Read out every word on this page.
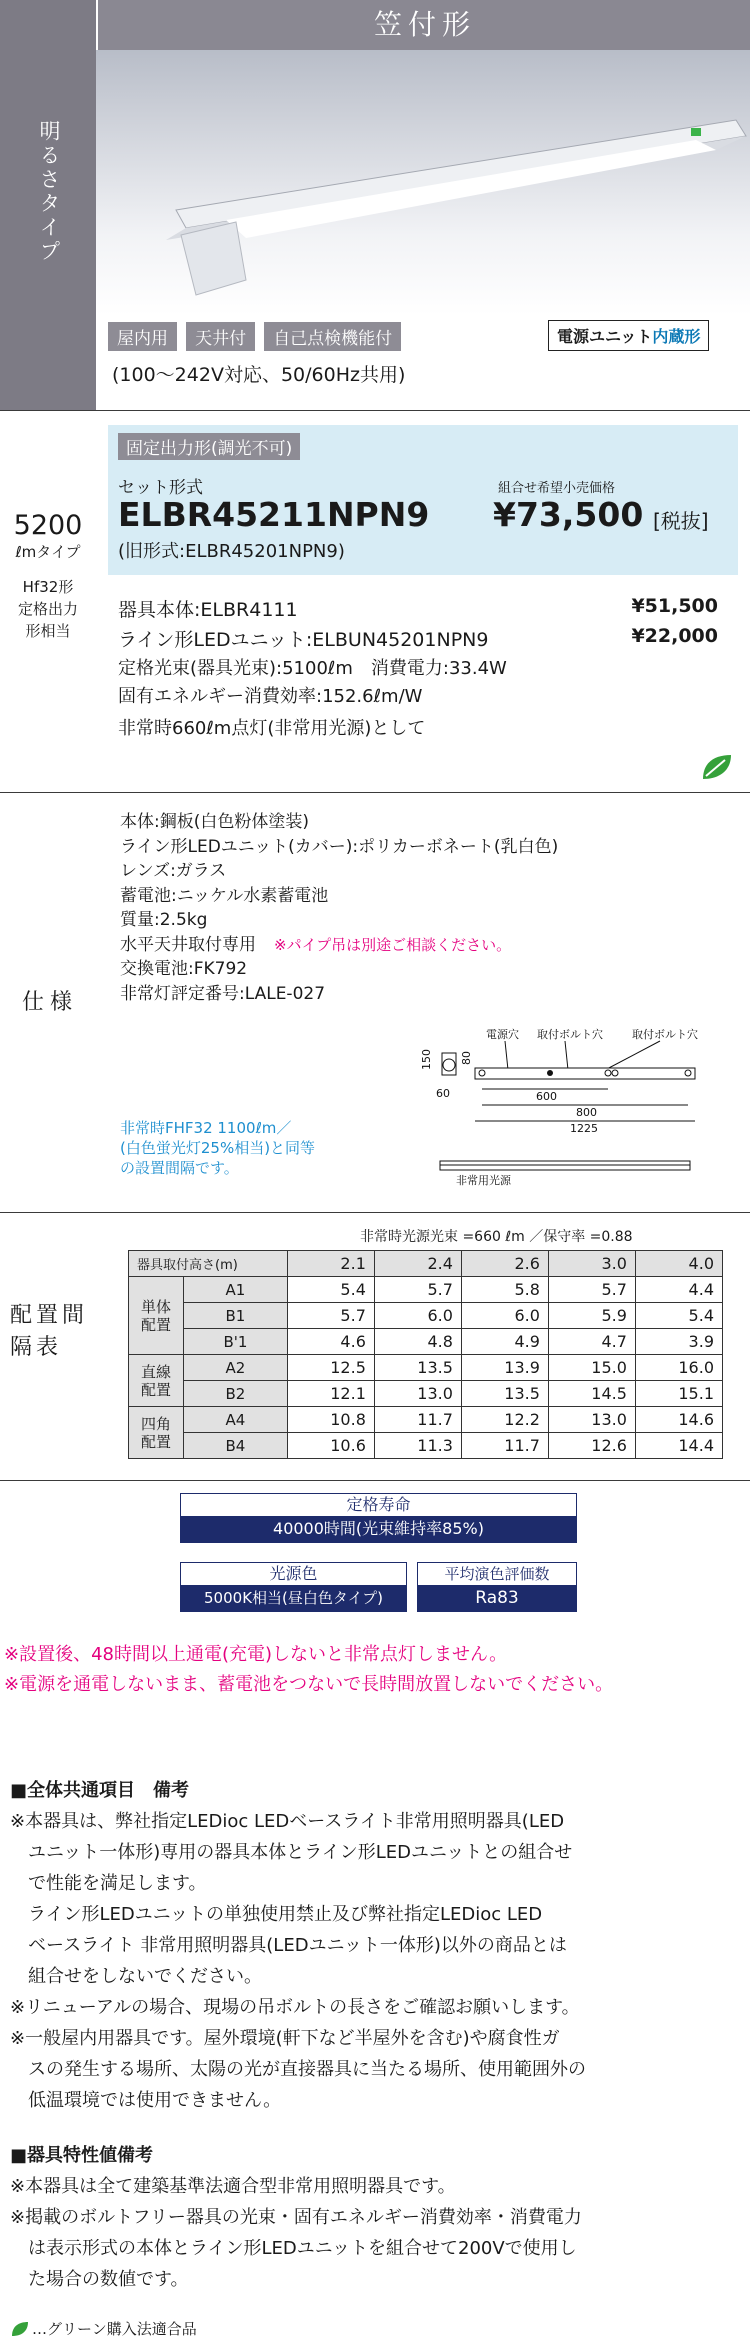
明るさタイプ
笠付形
屋内用 天井付 自己点検機能付	電源ユニット内蔵形
(100〜242V対応、50/60Hz共用)
5200
ℓmタイプ
Hf32形
定格出力
形相当
固定出力形(調光不可)
セット形式	組合せ希望小売価格
ELBR45211NPN9 ¥73,500 [税抜]
(旧形式:ELBR45201NPN9)
器具本体:ELBR4111	¥51,500
ライン形LEDユニット:ELBUN45201NPN9	¥22,000
定格光束(器具光束):5100ℓm　消費電力:33.4W
固有エネルギー消費効率:152.6ℓm/W
非常時660ℓm点灯(非常用光源)として
仕様
本体:鋼板(白色粉体塗装)
ライン形LEDユニット(カバー):ポリカーボネート(乳白色)
レンズ:ガラス
蓄電池:ニッケル水素蓄電池
質量:2.5kg
水平天井取付専用 ※パイプ吊は別途ご相談ください。
交換電池:FK792
非常灯評定番号:LALE-027
非常時FHF32 1100ℓm／
(白色蛍光灯25%相当)と同等
の設置間隔です。
電源穴 取付ボルト穴	取付ボルト穴
600
800
1225
150 80
60
非常用光源
配置間隔表
非常時光源光束 =660 ℓm ／保守率 =0.88
器具取付高さ(m)		2.1	2.4	2.6	3.0	4.0
単体配置	A1	5.4	5.7	5.8	5.7	4.4
	B1	5.7	6.0	6.0	5.9	5.4
	B'1	4.6	4.8	4.9	4.7	3.9
直線配置	A2	12.5	13.5	13.9	15.0	16.0
	B2	12.1	13.0	13.5	14.5	15.1
四角配置	A4	10.8	11.7	12.2	13.0	14.6
	B4	10.6	11.3	11.7	12.6	14.4
定格寿命
40000時間(光束維持率85%)
光源色
5000K相当(昼白色タイプ)
平均演色評価数
Ra83
※設置後、48時間以上通電(充電)しないと非常点灯しません。
※電源を通電しないまま、蓄電池をつないで長時間放置しないでください。
■全体共通項目　備考
※本器具は、弊社指定LEDioc LEDベースライト非常用照明器具(LED
　ユニット一体形)専用の器具本体とライン形LEDユニットとの組合せ
　で性能を満足します。
　ライン形LEDユニットの単独使用禁止及び弊社指定LEDioc LED
　ベースライト 非常用照明器具(LEDユニット一体形)以外の商品とは
　組合せをしないでください。
※リニューアルの場合、現場の吊ボルトの長さをご確認お願いします。
※一般屋内用器具です。屋外環境(軒下など半屋外を含む)や腐食性ガ
　スの発生する場所、太陽の光が直接器具に当たる場所、使用範囲外の
　低温環境では使用できません。
■器具特性値備考
※本器具は全て建築基準法適合型非常用照明器具です。
※掲載のボルトフリー器具の光束・固有エネルギー消費効率・消費電力
　は表示形式の本体とライン形LEDユニットを組合せて200Vで使用し
　た場合の数値です。
…グリーン購入法適合品
